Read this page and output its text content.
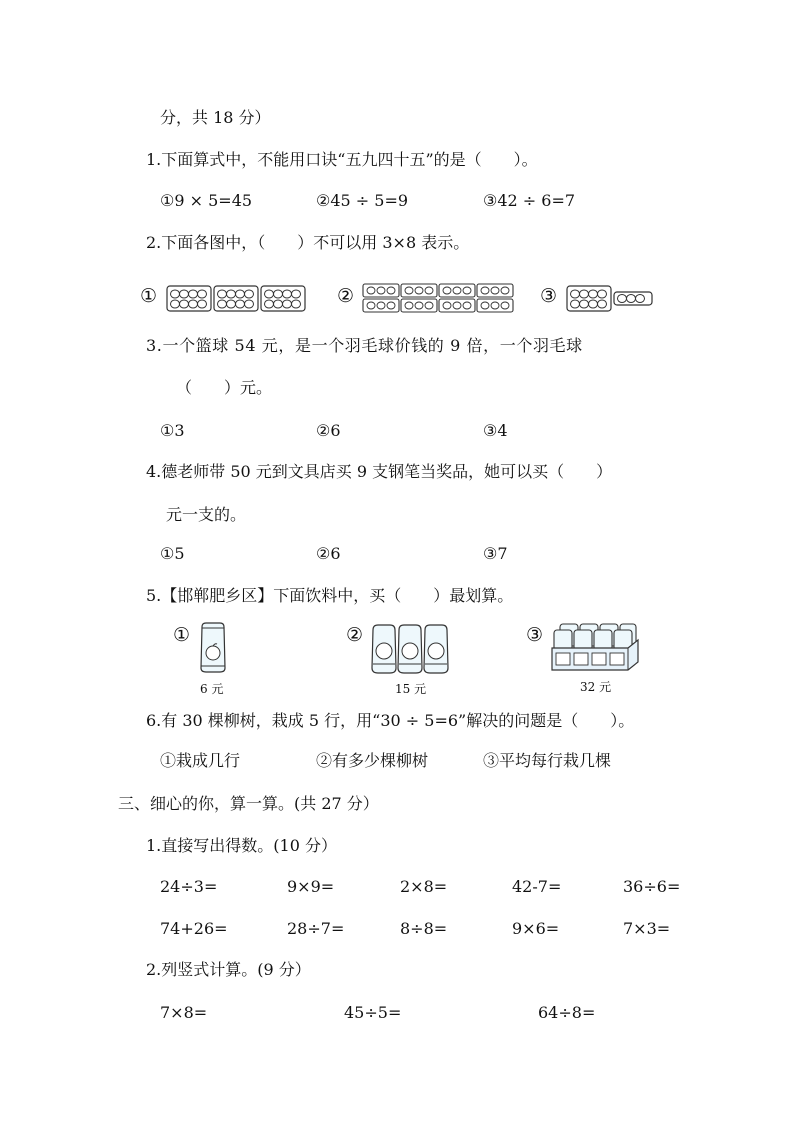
分，共 18 分）
1.下面算式中，不能用口诀“五九四十五”的是（　　）。
①9 × 5=45	②45 ÷ 5=9	③42 ÷ 6=7
2.下面各图中，（　　）不可以用 3×8 表示。
①	②	③
3.一个篮球 54 元，是一个羽毛球价钱的 9 倍，一个羽毛球
（　　）元。
①3	②6	③4
4.德老师带 50 元到文具店买 9 支钢笔当奖品，她可以买（　　）
元一支的。
①5	②6	③7
5.【邯郸肥乡区】下面饮料中，买（　　）最划算。
①
6 元
②
15 元
③
32 元
6.有 30 棵柳树，栽成 5 行，用“30 ÷ 5=6”解决的问题是（　　）。
①栽成几行	②有多少棵柳树	③平均每行栽几棵
三、细心的你，算一算。(共 27 分）
1.直接写出得数。(10 分）
24÷3=	9×9=	2×8=	42-7=	36÷6=
74+26=	28÷7=	8÷8=	9×6=	7×3=
2.列竖式计算。(9 分）
7×8=	45÷5=	64÷8=
